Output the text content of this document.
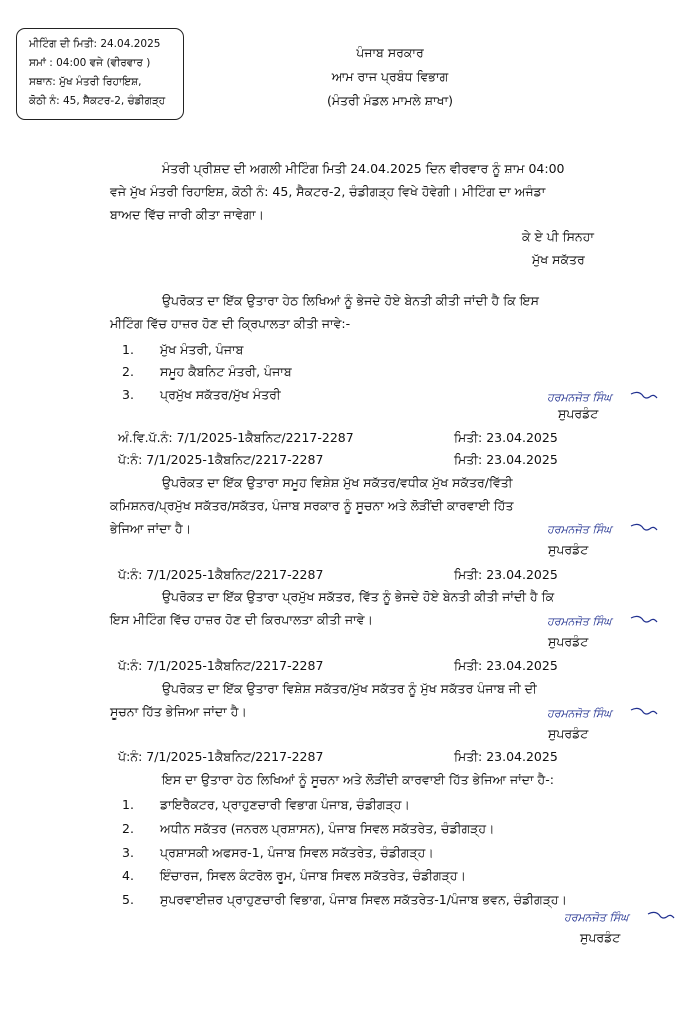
ਮੀਟਿੰਗ ਦੀ ਮਿਤੀ: 24.04.2025
ਸਮਾਂ : 04:00 ਵਜੇ (ਵੀਰਵਾਰ )
ਸਥਾਨ: ਮੁੱਖ ਮੰਤਰੀ ਰਿਹਾਇਸ਼,
ਕੋਠੀ ਨੰ: 45, ਸੈਕਟਰ-2, ਚੰਡੀਗੜ੍ਹ
ਪੰਜਾਬ ਸਰਕਾਰ
ਆਮ ਰਾਜ ਪ੍ਰਬੰਧ ਵਿਭਾਗ
(ਮੰਤਰੀ ਮੰਡਲ ਮਾਮਲੇ ਸ਼ਾਖਾ)
ਮੰਤਰੀ ਪ੍ਰੀਸ਼ਦ ਦੀ ਅਗਲੀ ਮੀਟਿੰਗ ਮਿਤੀ 24.04.2025 ਦਿਨ ਵੀਰਵਾਰ ਨੂੰ ਸ਼ਾਮ 04:00
ਵਜੇ ਮੁੱਖ ਮੰਤਰੀ ਰਿਹਾਇਸ਼, ਕੋਠੀ ਨੰ: 45, ਸੈਕਟਰ-2, ਚੰਡੀਗੜ੍ਹ ਵਿਖੇ ਹੋਵੇਗੀ। ਮੀਟਿੰਗ ਦਾ ਅਜੰਡਾ
ਬਾਅਦ ਵਿੱਚ ਜਾਰੀ ਕੀਤਾ ਜਾਵੇਗਾ।
ਕੇ ਏ ਪੀ ਸਿਨਹਾ
ਮੁੱਖ ਸਕੱਤਰ
ਉਪਰੋਕਤ ਦਾ ਇੱਕ ਉਤਾਰਾ ਹੇਠ ਲਿਖਿਆਂ ਨੂੰ ਭੇਜਦੇ ਹੋਏ ਬੇਨਤੀ ਕੀਤੀ ਜਾਂਦੀ ਹੈ ਕਿ ਇਸ
ਮੀਟਿੰਗ ਵਿੱਚ ਹਾਜ਼ਰ ਹੋਣ ਦੀ ਕ੍ਰਿਪਾਲਤਾ ਕੀਤੀ ਜਾਵੇ:-
1. ਮੁੱਖ ਮੰਤਰੀ, ਪੰਜਾਬ
2. ਸਮੂਹ ਕੈਬਨਿਟ ਮੰਤਰੀ, ਪੰਜਾਬ
3. ਪ੍ਰਮੁੱਖ ਸਕੱਤਰ/ਮੁੱਖ ਮੰਤਰੀ	ਹਰਮਨਜੋਤ ਸਿੰਘ
ਸੁਪਰਡੰਟ
ਅੰ.ਵਿ.ਪੱ.ਨੰ: 7/1/2025-1ਕੈਬਨਿਟ/2217-2287	ਮਿਤੀ: 23.04.2025
ਪੱ:ਨੰ: 7/1/2025-1ਕੈਬਨਿਟ/2217-2287	ਮਿਤੀ: 23.04.2025
ਉਪਰੋਕਤ ਦਾ ਇੱਕ ਉਤਾਰਾ ਸਮੂਹ ਵਿਸ਼ੇਸ਼ ਮੁੱਖ ਸਕੱਤਰ/ਵਧੀਕ ਮੁੱਖ ਸਕੱਤਰ/ਵਿੱਤੀ
ਕਮਿਸ਼ਨਰ/ਪ੍ਰਮੁੱਖ ਸਕੱਤਰ/ਸਕੱਤਰ, ਪੰਜਾਬ ਸਰਕਾਰ ਨੂੰ ਸੂਚਨਾ ਅਤੇ ਲੋੜੀਂਦੀ ਕਾਰਵਾਈ ਹਿੱਤ
ਭੇਜਿਆ ਜਾਂਦਾ ਹੈ।	ਹਰਮਨਜੋਤ ਸਿੰਘ
ਸੁਪਰਡੰਟ
ਪੱ:ਨੰ: 7/1/2025-1ਕੈਬਨਿਟ/2217-2287	ਮਿਤੀ: 23.04.2025
ਉਪਰੋਕਤ ਦਾ ਇੱਕ ਉਤਾਰਾ ਪ੍ਰਮੁੱਖ ਸਕੱਤਰ, ਵਿੱਤ ਨੂੰ ਭੇਜਦੇ ਹੋਏ ਬੇਨਤੀ ਕੀਤੀ ਜਾਂਦੀ ਹੈ ਕਿ
ਇਸ ਮੀਟਿੰਗ ਵਿੱਚ ਹਾਜ਼ਰ ਹੋਣ ਦੀ ਕਿਰਪਾਲਤਾ ਕੀਤੀ ਜਾਵੇ।	ਹਰਮਨਜੋਤ ਸਿੰਘ
ਸੁਪਰਡੰਟ
ਪੱ:ਨੰ: 7/1/2025-1ਕੈਬਨਿਟ/2217-2287	ਮਿਤੀ: 23.04.2025
ਉਪਰੋਕਤ ਦਾ ਇੱਕ ਉਤਾਰਾ ਵਿਸ਼ੇਸ਼ ਸਕੱਤਰ/ਮੁੱਖ ਸਕੱਤਰ ਨੂੰ ਮੁੱਖ ਸਕੱਤਰ ਪੰਜਾਬ ਜੀ ਦੀ
ਸੂਚਨਾ ਹਿੱਤ ਭੇਜਿਆ ਜਾਂਦਾ ਹੈ।	ਹਰਮਨਜੋਤ ਸਿੰਘ
ਸੁਪਰਡੰਟ
ਪੱ:ਨੰ: 7/1/2025-1ਕੈਬਨਿਟ/2217-2287	ਮਿਤੀ: 23.04.2025
ਇਸ ਦਾ ਉਤਾਰਾ ਹੇਠ ਲਿਖਿਆਂ ਨੂੰ ਸੂਚਨਾ ਅਤੇ ਲੋੜੀਂਦੀ ਕਾਰਵਾਈ ਹਿੱਤ ਭੇਜਿਆ ਜਾਂਦਾ ਹੈ-:
1. ਡਾਇਰੈਕਟਰ, ਪ੍ਰਾਹੁਣਚਾਰੀ ਵਿਭਾਗ ਪੰਜਾਬ, ਚੰਡੀਗੜ੍ਹ।
2. ਅਧੀਨ ਸਕੱਤਰ (ਜਨਰਲ ਪ੍ਰਸ਼ਾਸਨ), ਪੰਜਾਬ ਸਿਵਲ ਸਕੱਤਰੇਤ, ਚੰਡੀਗੜ੍ਹ।
3. ਪ੍ਰਸ਼ਾਸਕੀ ਅਫਸਰ-1, ਪੰਜਾਬ ਸਿਵਲ ਸਕੱਤਰੇਤ, ਚੰਡੀਗੜ੍ਹ।
4. ਇੰਚਾਰਜ, ਸਿਵਲ ਕੰਟਰੋਲ ਰੂਮ, ਪੰਜਾਬ ਸਿਵਲ ਸਕੱਤਰੇਤ, ਚੰਡੀਗੜ੍ਹ।
5. ਸੁਪਰਵਾਈਜ਼ਰ ਪ੍ਰਾਹੁਣਚਾਰੀ ਵਿਭਾਗ, ਪੰਜਾਬ ਸਿਵਲ ਸਕੱਤਰੇਤ-1/ਪੰਜਾਬ ਭਵਨ, ਚੰਡੀਗੜ੍ਹ।
ਹਰਮਨਜੋਤ ਸਿੰਘ
ਸੁਪਰਡੰਟ
